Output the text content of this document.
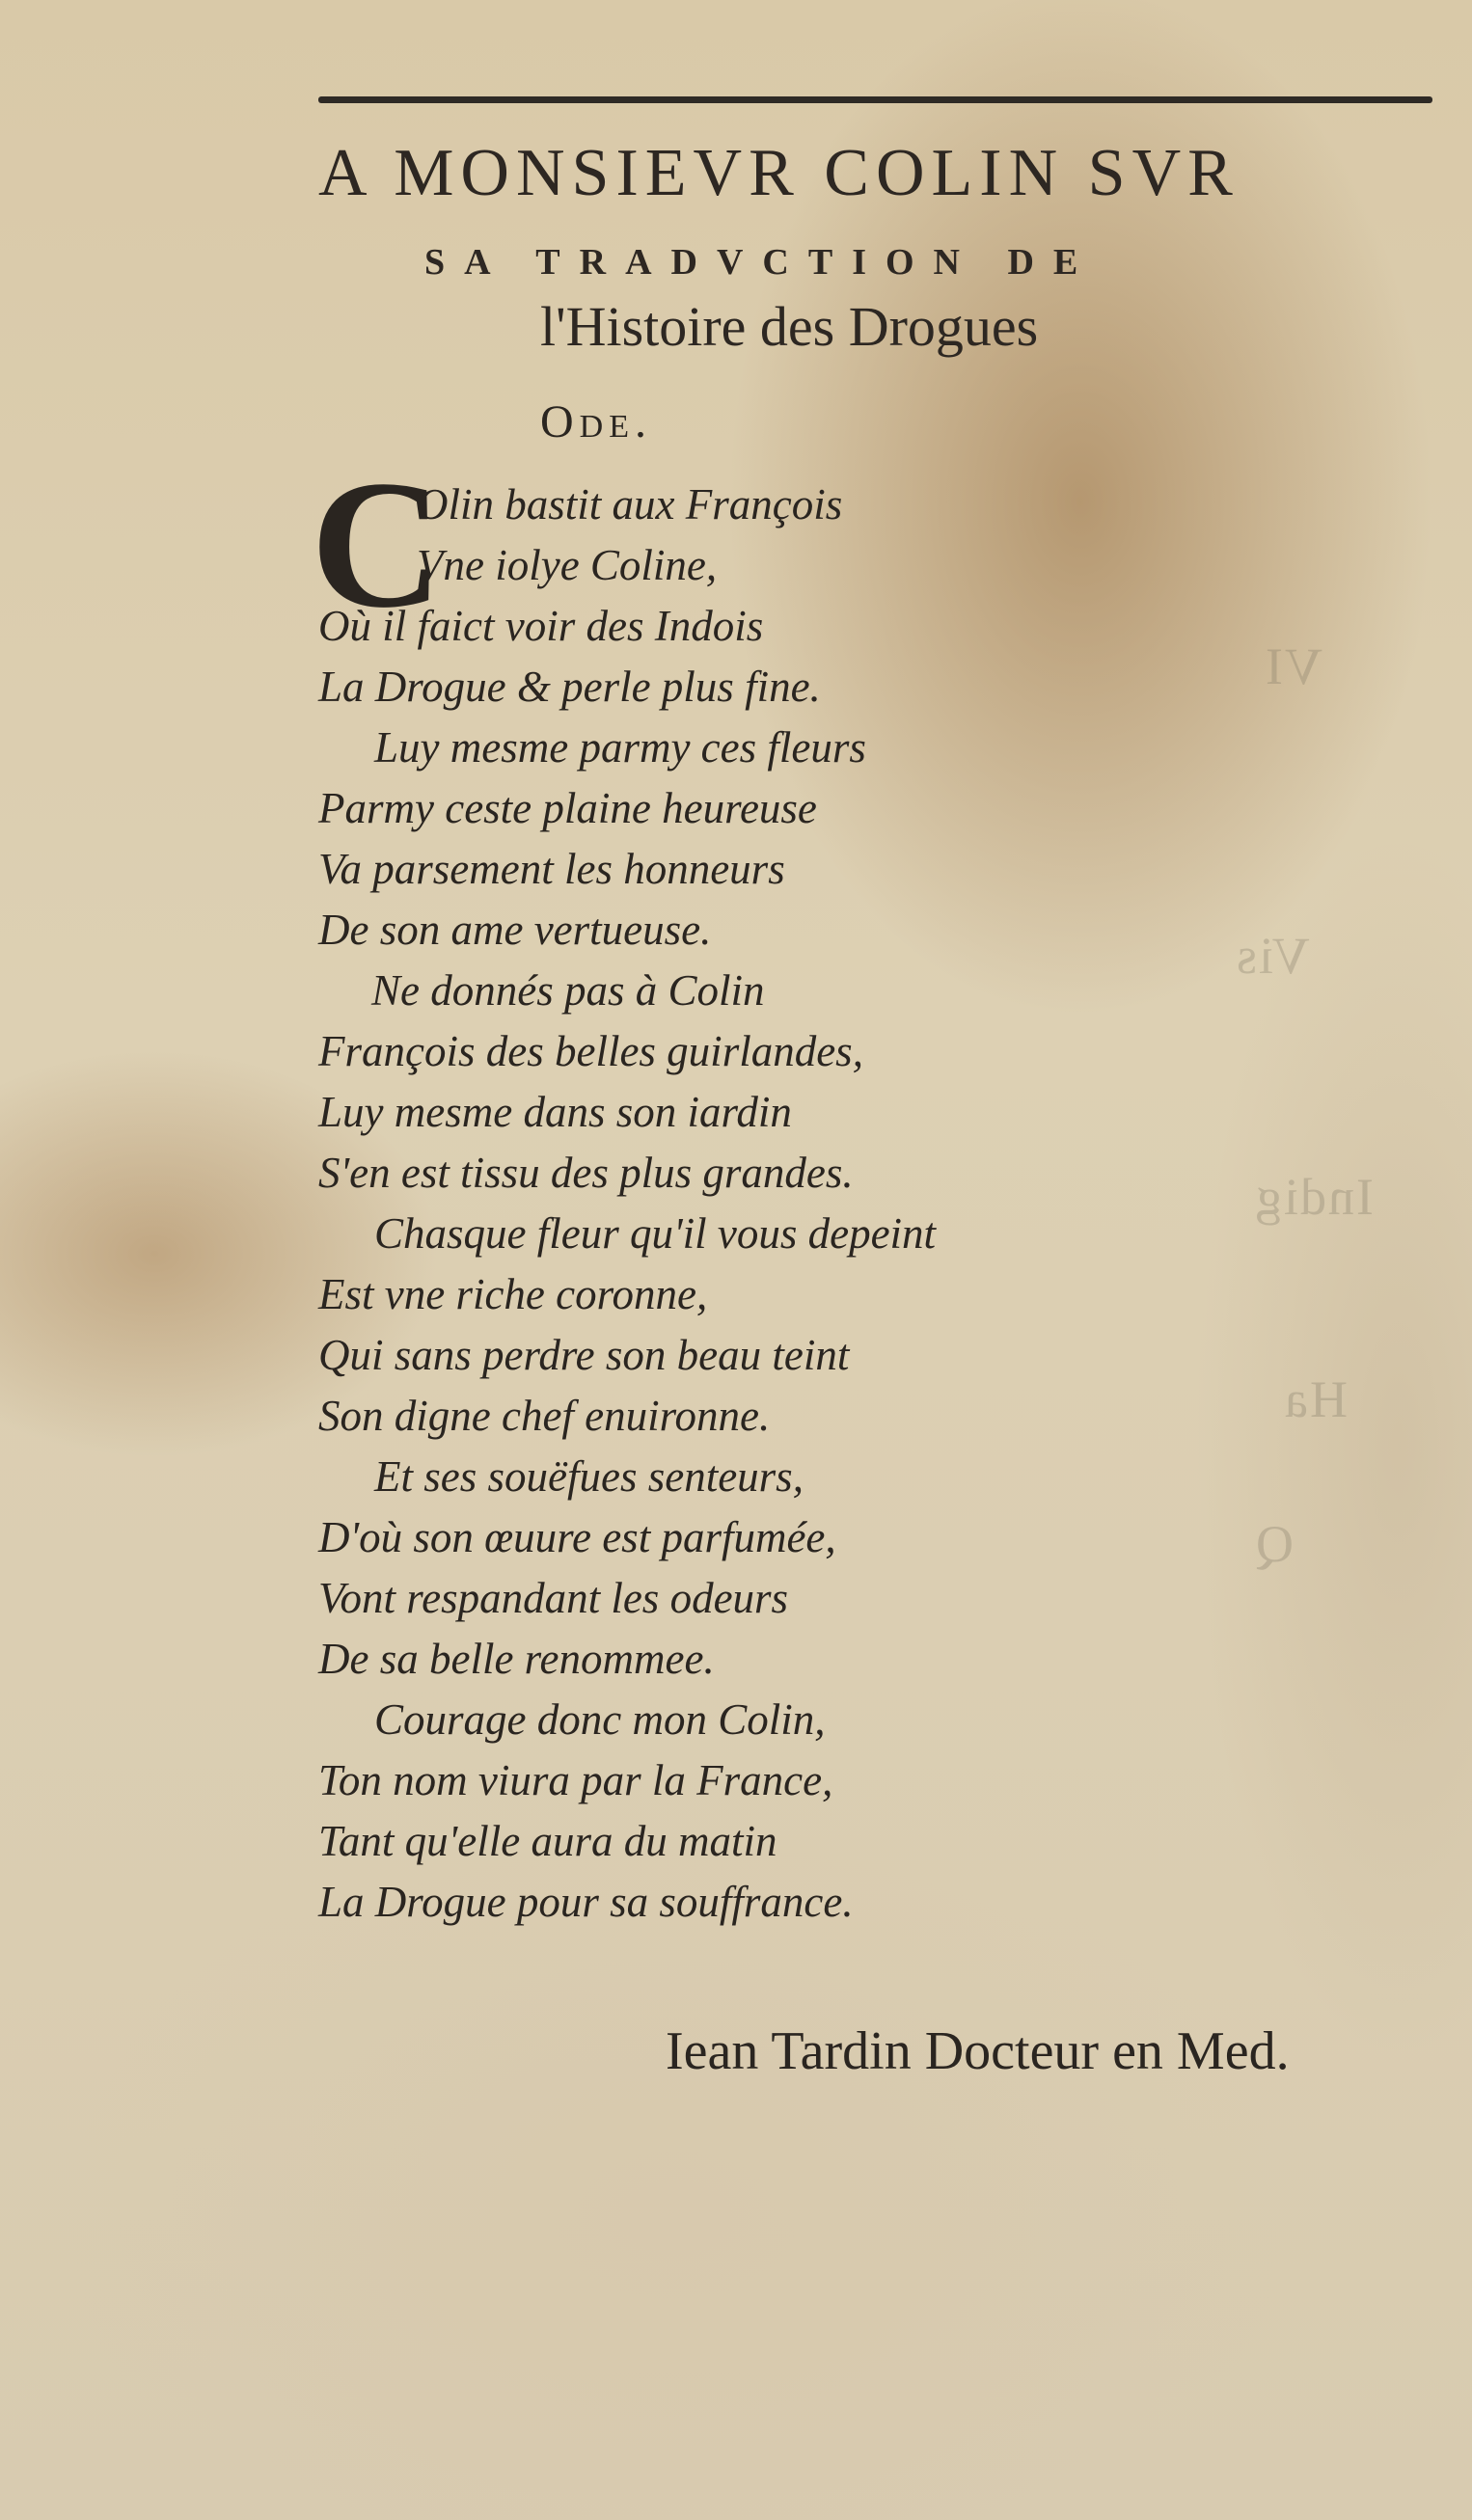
VI
Vis
Indig
Ha
Q
A MONSIEVR COLIN SVR
SA TRADVCTION DE
l'Histoire des Drogues
Ode.
C
Olin bastit aux François
Vne iolye Coline,
Où il faict voir des Indois
La Drogue & perle plus fine.
Luy mesme parmy ces fleurs
Parmy ceste plaine heureuse
Va parsement les honneurs
De son ame vertueuse.
Ne donnés pas à Colin
François des belles guirlandes,
Luy mesme dans son iardin
S'en est tissu des plus grandes.
Chasque fleur qu'il vous depeint
Est vne riche coronne,
Qui sans perdre son beau teint
Son digne chef enuironne.
Et ses souëfues senteurs,
D'où son œuure est parfumée,
Vont respandant les odeurs
De sa belle renommee.
Courage donc mon Colin,
Ton nom viura par la France,
Tant qu'elle aura du matin
La Drogue pour sa souffrance.
Iean Tardin Docteur en Med.
